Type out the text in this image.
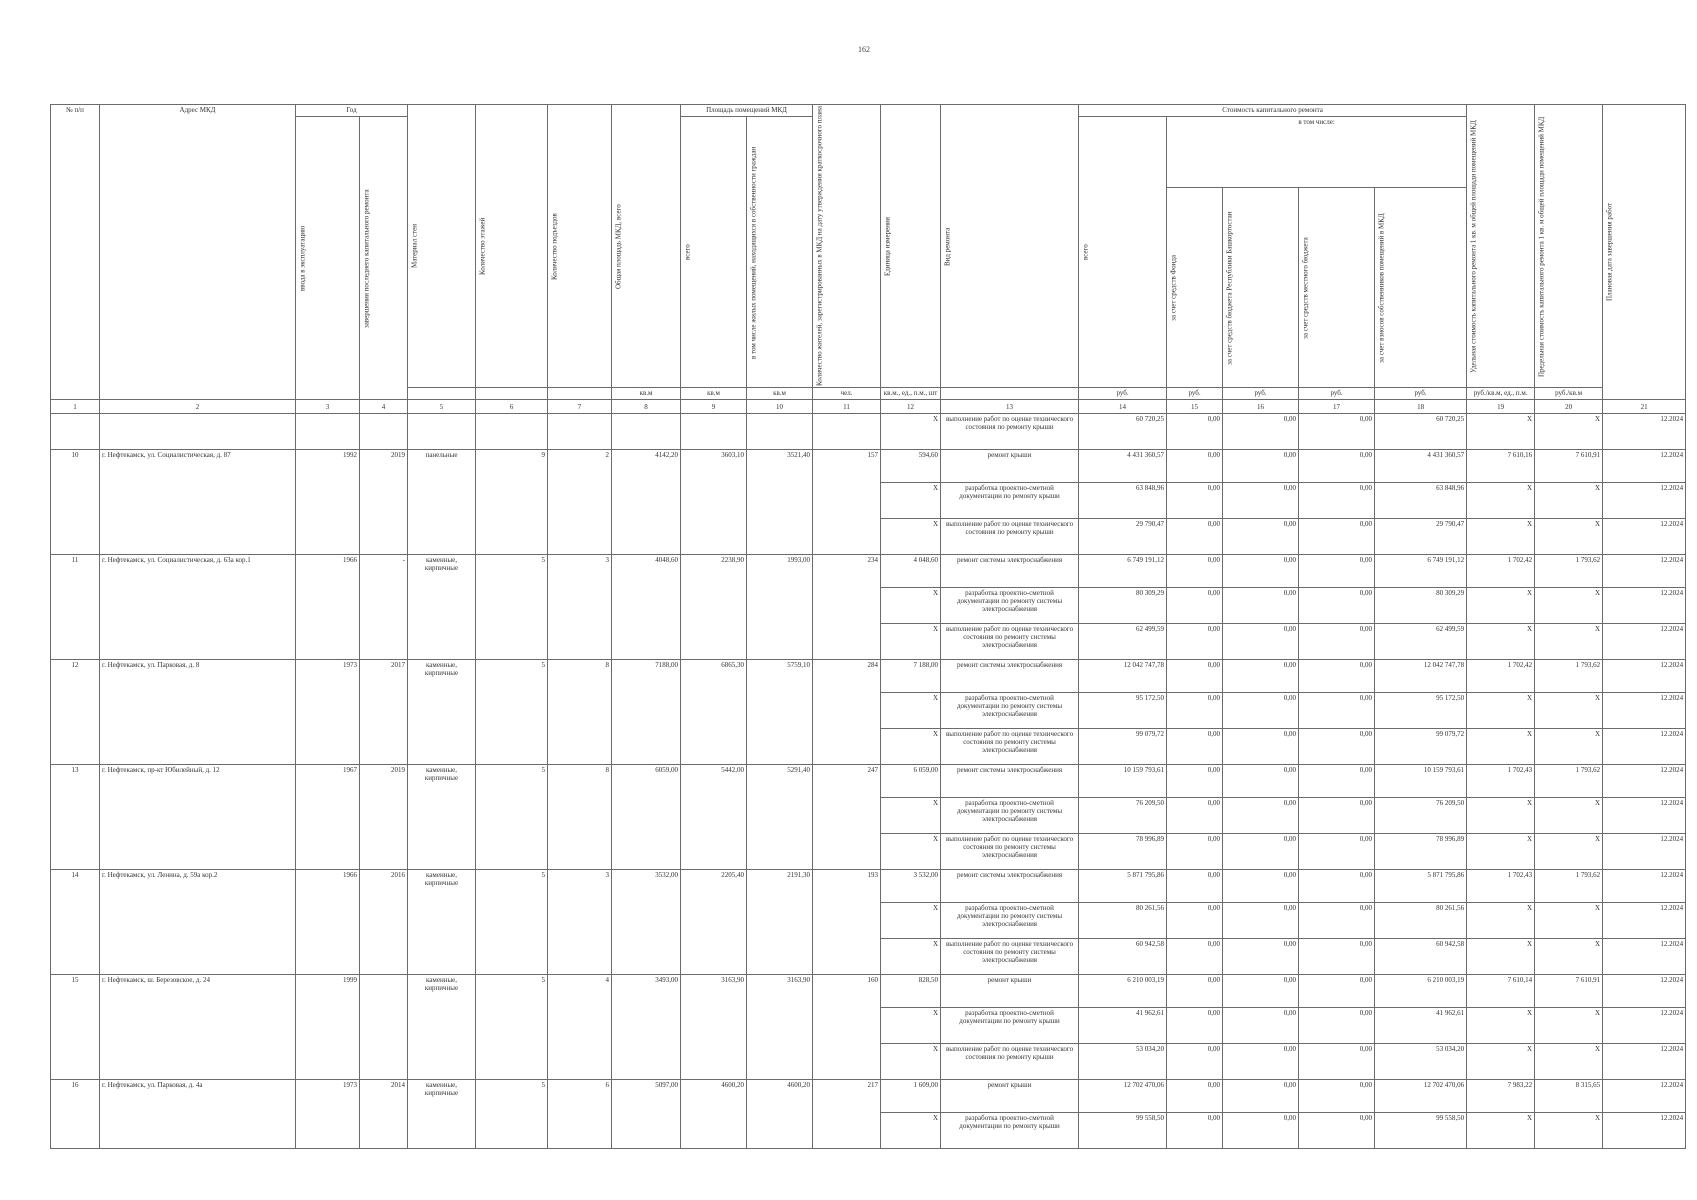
162
№ п/п	Адрес МКД	Год		Материал стен	Количество этажей	Количество подъездов	Общая площадь МКД, всего	Площадь помещений МКД		Количество жителей, зарегистрированных в МКД на дату утверждения краткосрочного плана	Единица измерения	Вид ремонта	Стоимость капитального ремонта					Удельная стоимость капитального ремонта 1 кв. м общей площади помещений МКД	Предельная стоимость капитального ремонта 1 кв. м общей площади помещений МКД	Плановая дата завершения работ
		ввода в эксплуатацию	завершения последнего капитального ремонта					всего	в том числе жилых помещений, находящихся в собственности граждан				всего	в том числе:						
														за счет средств Фонда	за счет средств бюджета Республики Башкортостан	за счет средств местного бюджета	за счет взносов собственников помещений в МКД			
							кв.м	кв.м	кв.м	чел.	кв.м., ед., п.м., шт		руб.	руб.	руб.	руб.	руб.	руб./кв.м, ед., п.м.	руб./кв.м	
1	2	3	4	5	6	7	8	9	10	11	12	13	14	15	16	17	18	19	20	21
											X	выполнение работ по оценке технического состояния по ремонту крыши	60 720,25	0,00	0,00	0,00	60 720,25	X	X	12.2024
10	г. Нефтекамск, ул. Социалистическая, д. 87	1992	2019	панельные	9	2	4142,20	3603,10	3521,40	157	594,60	ремонт крыши	4 431 360,57	0,00	0,00	0,00	4 431 360,57	7 610,16	7 610,91	12.2024
											X	разработка проектно-сметной документации по ремонту крыши	63 848,96	0,00	0,00	0,00	63 848,96	X	X	12.2024
											X	выполнение работ по оценке технического состояния по ремонту крыши	29 790,47	0,00	0,00	0,00	29 790,47	X	X	12.2024
11	г. Нефтекамск, ул. Социалистическая, д. 63а кор.1	1966	-	каменные, кирпичные	5	3	4048,60	2238,90	1993,00	234	4 048,60	ремонт системы электроснабжения	6 749 191,12	0,00	0,00	0,00	6 749 191,12	1 702,42	1 793,62	12.2024
											X	разработка проектно-сметной документации по ремонту системы электроснабжения	80 309,29	0,00	0,00	0,00	80 309,29	X	X	12.2024
											X	выполнение работ по оценке технического состояния по ремонту системы электроснабжения	62 499,59	0,00	0,00	0,00	62 499,59	X	X	12.2024
12	г. Нефтекамск, ул. Парковая, д. 8	1973	2017	каменные, кирпичные	5	8	7188,00	6865,30	5759,10	284	7 188,00	ремонт системы электроснабжения	12 042 747,78	0,00	0,00	0,00	12 042 747,78	1 702,42	1 793,62	12.2024
											X	разработка проектно-сметной документации по ремонту системы электроснабжения	95 172,50	0,00	0,00	0,00	95 172,50	X	X	12.2024
											X	выполнение работ по оценке технического состояния по ремонту системы электроснабжения	99 079,72	0,00	0,00	0,00	99 079,72	X	X	12.2024
13	г. Нефтекамск, пр-кт Юбилейный, д. 12	1967	2019	каменные, кирпичные	5	8	6059,00	5442,00	5291,40	247	6 059,00	ремонт системы электроснабжения	10 159 793,61	0,00	0,00	0,00	10 159 793,61	1 702,43	1 793,62	12.2024
											X	разработка проектно-сметной документации по ремонту системы электроснабжения	76 209,50	0,00	0,00	0,00	76 209,50	X	X	12.2024
											X	выполнение работ по оценке технического состояния по ремонту системы электроснабжения	78 996,89	0,00	0,00	0,00	78 996,89	X	X	12.2024
14	г. Нефтекамск, ул. Ленина, д. 59а кор.2	1966	2016	каменные, кирпичные	5	3	3532,00	2205,40	2191,30	193	3 532,00	ремонт системы электроснабжения	5 871 795,86	0,00	0,00	0,00	5 871 795,86	1 702,43	1 793,62	12.2024
											X	разработка проектно-сметной документации по ремонту системы электроснабжения	80 261,56	0,00	0,00	0,00	80 261,56	X	X	12.2024
											X	выполнение работ по оценке технического состояния по ремонту системы электроснабжения	60 942,58	0,00	0,00	0,00	60 942,58	X	X	12.2024
15	г. Нефтекамск, ш. Березовское, д. 24	1999		каменные, кирпичные	5	4	3493,00	3163,90	3163,90	160	828,50	ремонт крыши	6 210 003,19	0,00	0,00	0,00	6 210 003,19	7 610,14	7 610,91	12.2024
											X	разработка проектно-сметной документации по ремонту крыши	41 962,61	0,00	0,00	0,00	41 962,61	X	X	12.2024
											X	выполнение работ по оценке технического состояния по ремонту крыши	53 034,20	0,00	0,00	0,00	53 034,20	X	X	12.2024
16	г. Нефтекамск, ул. Парковая, д. 4а	1973	2014	каменные, кирпичные	5	6	5097,00	4600,20	4600,20	217	1 609,00	ремонт крыши	12 702 470,06	0,00	0,00	0,00	12 702 470,06	7 983,22	8 315,65	12.2024
											X	разработка проектно-сметной документации по ремонту крыши	99 558,50	0,00	0,00	0,00	99 558,50	X	X	12.2024
